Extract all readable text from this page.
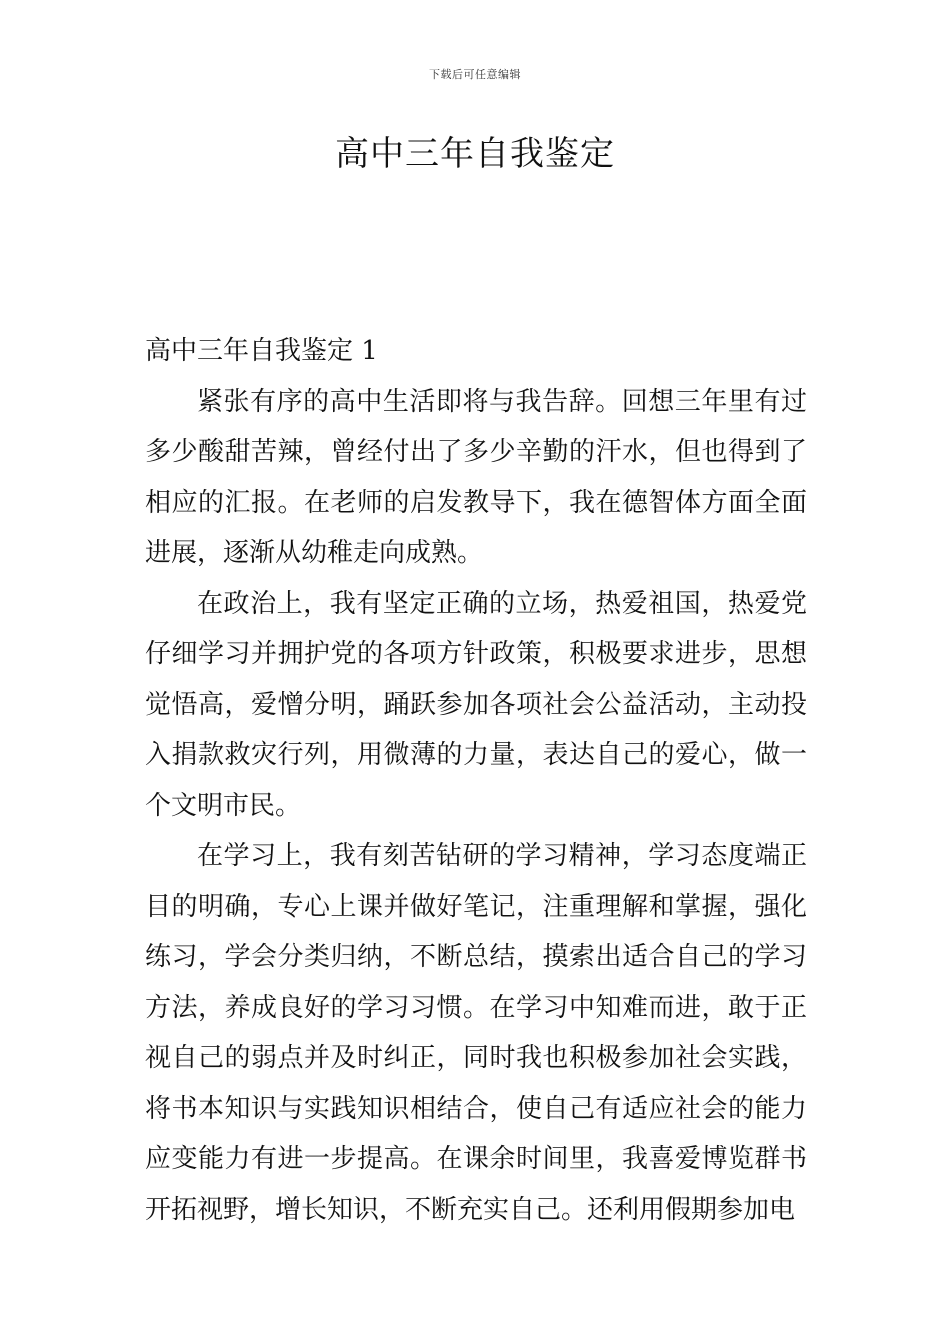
下载后可任意编辑
高中三年自我鉴定
高中三年自我鉴定 1

紧张有序的高中生活即将与我告辞。回想三年里有过多少酸甜苦辣，曾经付出了多少辛勤的汗水，但也得到了相应的汇报。在老师的启发教导下，我在德智体方面全面进展，逐渐从幼稚走向成熟。

在政治上，我有坚定正确的立场，热爱祖国，热爱党仔细学习并拥护党的各项方针政策，积极要求进步，思想觉悟高，爱憎分明，踊跃参加各项社会公益活动，主动投入捐款救灾行列，用微薄的力量，表达自己的爱心，做一个文明市民。

在学习上，我有刻苦钻研的学习精神，学习态度端正目的明确，专心上课并做好笔记，注重理解和掌握，强化练习，学会分类归纳，不断总结，摸索出适合自己的学习方法，养成良好的学习习惯。在学习中知难而进，敢于正视自己的弱点并及时纠正，同时我也积极参加社会实践，将书本知识与实践知识相结合，使自己有适应社会的能力应变能力有进一步提高。在课余时间里，我喜爱博览群书开拓视野，增长知识，不断充实自己。还利用假期参加电
